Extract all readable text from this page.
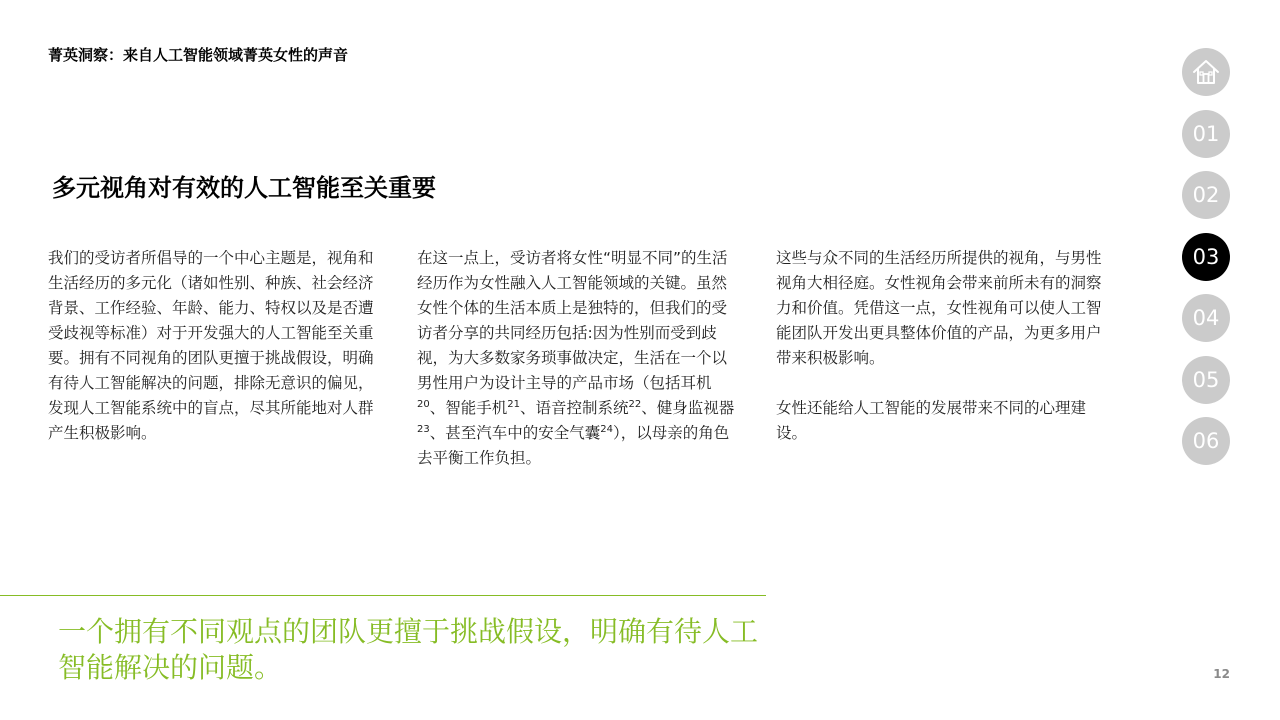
菁英洞察：来自人工智能领域菁英女性的声音
多元视角对有效的人工智能至关重要

我们的受访者所倡导的一个中心主题是，视角和生活经历的多元化（诸如性别、种族、社会经济背景、工作经验、年龄、能力、特权以及是否遭受歧视等标准）对于开发强大的人工智能至关重要。拥有不同视角的团队更擅于挑战假设，明确有待人工智能解决的问题，排除无意识的偏见，发现人工智能系统中的盲点，尽其所能地对人群产生积极影响。

在这一点上，受访者将女性“明显不同”的生活经历作为女性融入人工智能领域的关键。虽然女性个体的生活本质上是独特的，但我们的受访者分享的共同经历包括:因为性别而受到歧视，为大多数家务琐事做决定，生活在一个以男性用户为设计主导的产品市场（包括耳机$^{20}$、智能手机$^{21}$、语音控制系统$^{22}$、健身监视器$^{23}$、甚至汽车中的安全气囊$^{24}$），以母亲的角色去平衡工作负担。

这些与众不同的生活经历所提供的视角，与男性视角大相径庭。女性视角会带来前所未有的洞察力和价值。凭借这一点，女性视角可以使人工智能团队开发出更具整体价值的产品，为更多用户带来积极影响。

女性还能给人工智能的发展带来不同的心理建设。

一个拥有不同观点的团队更擅于挑战假设，明确有待人工智能解决的问题。	12
01
02
03
04
05
06
